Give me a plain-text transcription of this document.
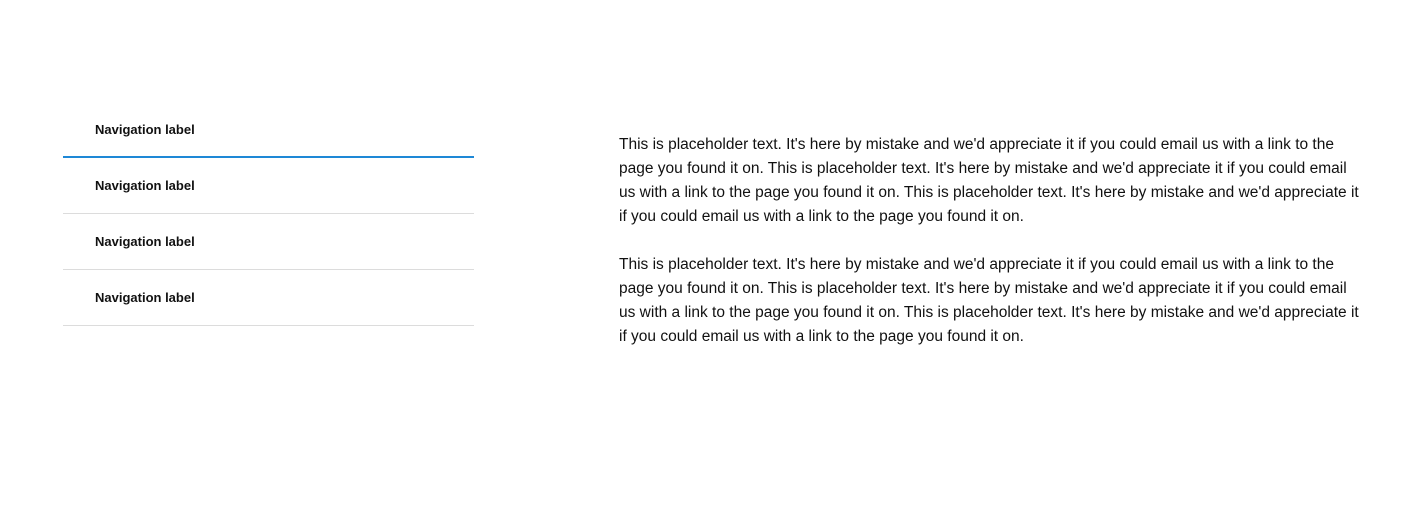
Navigation label
Navigation label
Navigation label
Navigation label

This is placeholder text. It's here by mistake and we'd appreciate it if you could email us with a link to the page you found it on. This is placeholder text. It's here by mistake and we'd appreciate it if you could email us with a link to the page you found it on. This is placeholder text. It's here by mistake and we'd appreciate it if you could email us with a link to the page you found it on.

This is placeholder text. It's here by mistake and we'd appreciate it if you could email us with a link to the page you found it on. This is placeholder text. It's here by mistake and we'd appreciate it if you could email us with a link to the page you found it on. This is placeholder text. It's here by mistake and we'd appreciate it if you could email us with a link to the page you found it on.
